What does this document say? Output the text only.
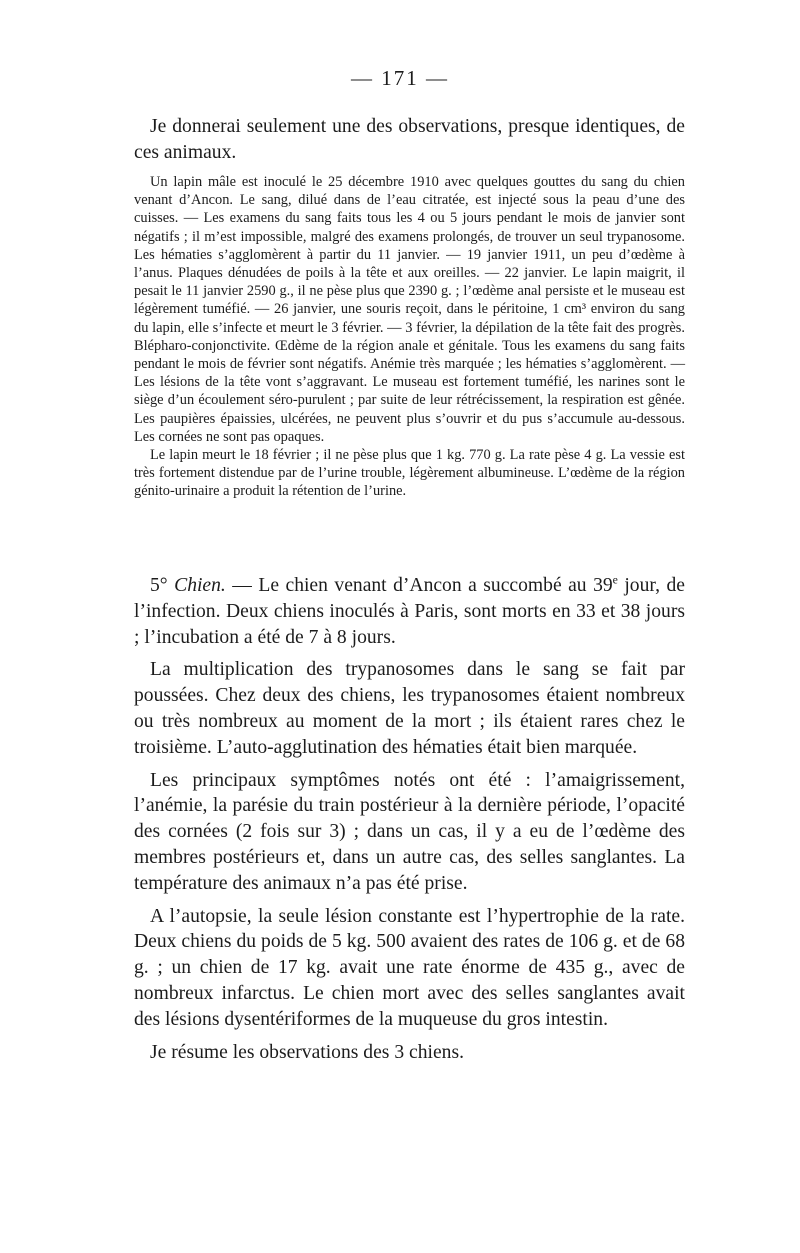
— 171 —

Je donnerai seulement une des observations, presque identiques, de ces animaux.

Un lapin mâle est inoculé le 25 décembre 1910 avec quelques gouttes du sang du chien venant d’Ancon. Le sang, dilué dans de l’eau citratée, est injecté sous la peau d’une des cuisses. — Les examens du sang faits tous les 4 ou 5 jours pendant le mois de janvier sont négatifs ; il m’est impossible, malgré des examens prolongés, de trouver un seul trypanosome. Les hématies s’agglomèrent à partir du 11 janvier. — 19 janvier 1911, un peu d’œdème à l’anus. Plaques dénudées de poils à la tête et aux oreilles. — 22 janvier. Le lapin maigrit, il pesait le 11 janvier 2590 g., il ne pèse plus que 2390 g. ; l’œdème anal persiste et le museau est légèrement tuméfié. — 26 janvier, une souris reçoit, dans le péritoine, 1 cm³ environ du sang du lapin, elle s’infecte et meurt le 3 février. — 3 février, la dépilation de la tête fait des progrès. Blépharo-conjonctivite. Œdème de la région anale et génitale. Tous les examens du sang faits pendant le mois de février sont négatifs. Anémie très marquée ; les hématies s’agglomèrent. — Les lésions de la tête vont s’aggravant. Le museau est fortement tuméfié, les narines sont le siège d’un écoulement séro-purulent ; par suite de leur rétrécissement, la respiration est gênée. Les paupières épaissies, ulcérées, ne peuvent plus s’ouvrir et du pus s’accumule au-dessous. Les cornées ne sont pas opaques.

Le lapin meurt le 18 février ; il ne pèse plus que 1 kg. 770 g. La rate pèse 4 g. La vessie est très fortement distendue par de l’urine trouble, légèrement albumineuse. L’œdème de la région génito-urinaire a produit la rétention de l’urine.

5° Chien. — Le chien venant d’Ancon a succombé au 39e jour, de l’infection. Deux chiens inoculés à Paris, sont morts en 33 et 38 jours ; l’incubation a été de 7 à 8 jours.

La multiplication des trypanosomes dans le sang se fait par poussées. Chez deux des chiens, les trypanosomes étaient nombreux ou très nombreux au moment de la mort ; ils étaient rares chez le troisième. L’auto-agglutination des hématies était bien marquée.

Les principaux symptômes notés ont été : l’amaigrissement, l’anémie, la parésie du train postérieur à la dernière période, l’opacité des cornées (2 fois sur 3) ; dans un cas, il y a eu de l’œdème des membres postérieurs et, dans un autre cas, des selles sanglantes. La température des animaux n’a pas été prise.

A l’autopsie, la seule lésion constante est l’hypertrophie de la rate. Deux chiens du poids de 5 kg. 500 avaient des rates de 106 g. et de 68 g. ; un chien de 17 kg. avait une rate énorme de 435 g., avec de nombreux infarctus. Le chien mort avec des selles sanglantes avait des lésions dysentériformes de la muqueuse du gros intestin.

Je résume les observations des 3 chiens.
